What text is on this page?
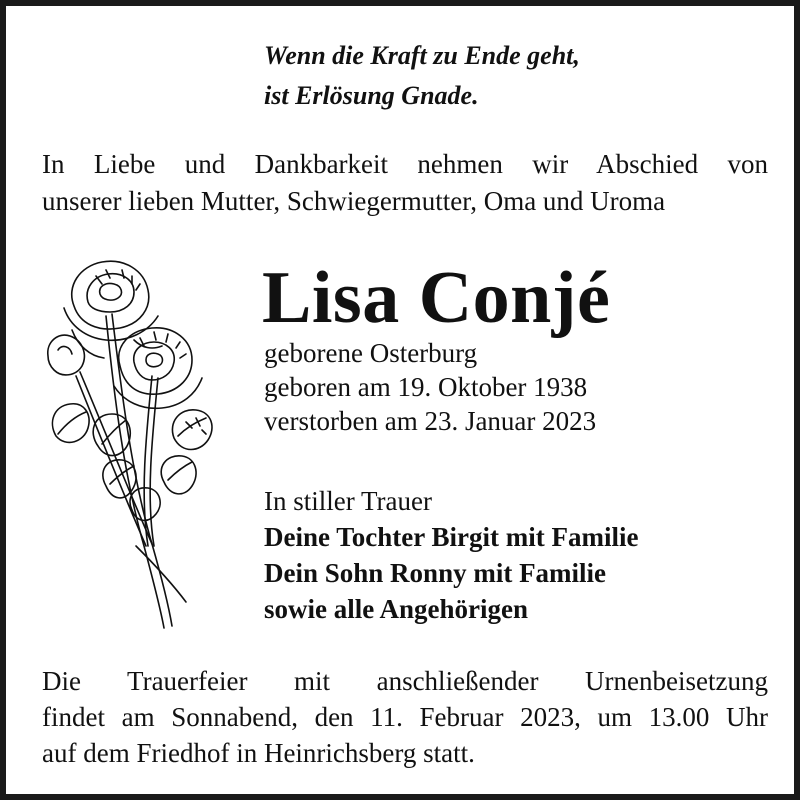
Wenn die Kraft zu Ende geht,
ist Erlösung Gnade.
In Liebe und Dankbarkeit nehmen wir Abschied von
unserer lieben Mutter, Schwiegermutter, Oma und Uroma
Lisa Conjé
geborene Osterburg
geboren am 19. Oktober 1938
verstorben am 23. Januar 2023
In stiller Trauer
Deine Tochter Birgit mit Familie
Dein Sohn Ronny mit Familie
sowie alle Angehörigen
Die Trauerfeier mit anschließender Urnenbeisetzung
findet am Sonnabend, den 11. Februar 2023, um 13.00 Uhr
auf dem Friedhof in Heinrichsberg statt.
